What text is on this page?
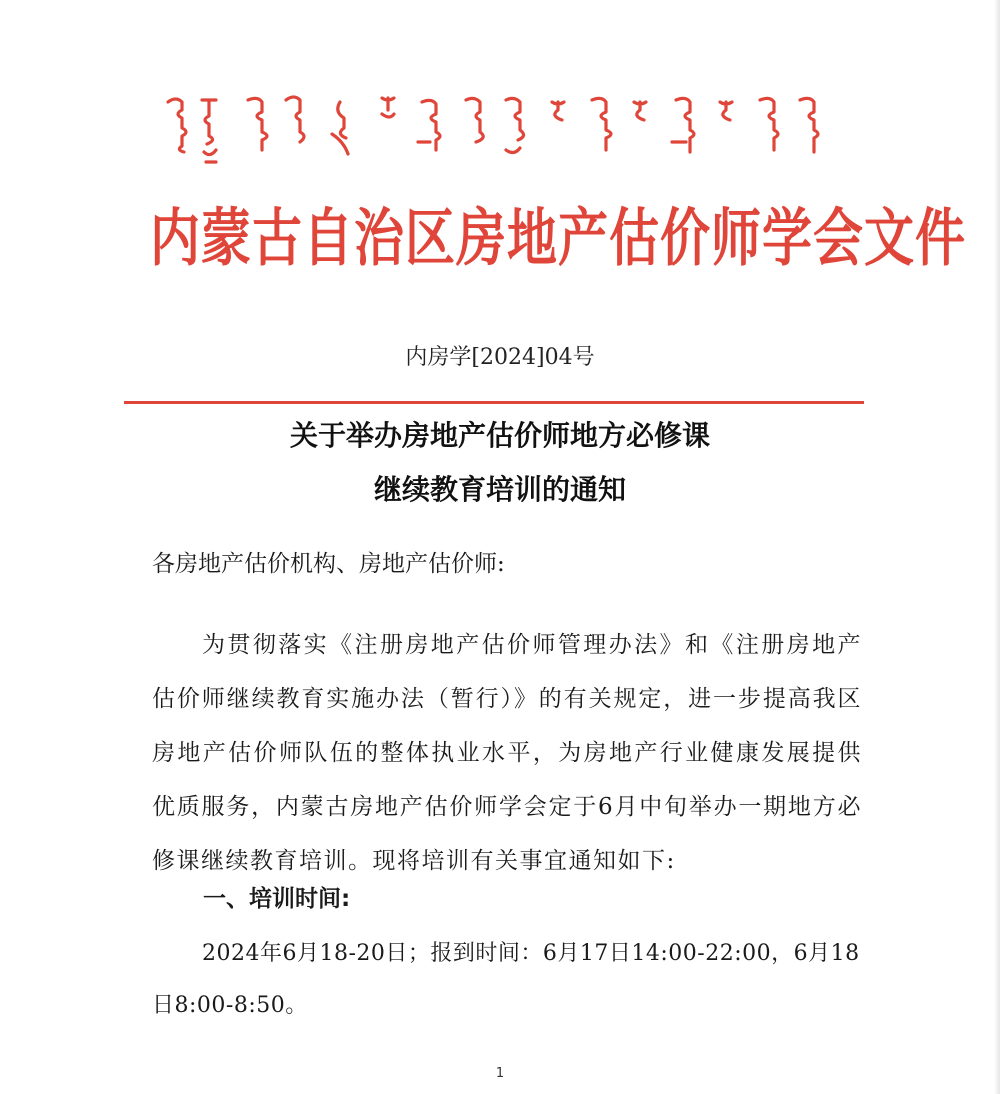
内蒙古自治区房地产估价师学会文件
内房学[2024]04号
关于举办房地产估价师地方必修课
继续教育培训的通知
各房地产估价机构、房地产估价师:
为贯彻落实《注册房地产估价师管理办法》和《注册房地产估价师继续教育实施办法（暂行）》的有关规定，进一步提高我区房地产估价师队伍的整体执业水平，为房地产行业健康发展提供优质服务，内蒙古房地产估价师学会定于6月中旬举办一期地方必修课继续教育培训。现将培训有关事宜通知如下:
一、培训时间:
2024年6月18-20日；报到时间：6月17日14:00-22:00，6月18日8:00-8:50。
1
